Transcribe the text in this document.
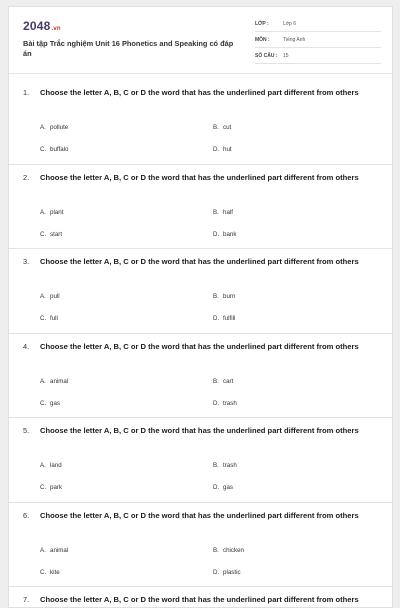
2048.vn
Bài tập Trắc nghiệm Unit 16 Phonetics and Speaking có đáp án
LỚP :	Lớp 6
MÔN :	Tiếng Anh
SỐ CÂU :	15
1. Choose the letter A, B, C or D the word that has the underlined part different from others
A. pollute	B. cut
C. buffalo	D. hut
2. Choose the letter A, B, C or D the word that has the underlined part different from others
A. plant	B. half
C. start	D. bank
3. Choose the letter A, B, C or D the word that has the underlined part different from others
A. pull	B. burn
C. full	D. fulfill
4. Choose the letter A, B, C or D the word that has the underlined part different from others
A. animal	B. cart
C. gas	D. trash
5. Choose the letter A, B, C or D the word that has the underlined part different from others
A. land	B. trash
C. park	D. gas
6. Choose the letter A, B, C or D the word that has the underlined part different from others
A. animal	B. chicken
C. kite	D. plastic
7. Choose the letter A, B, C or D the word that has the underlined part different from others
